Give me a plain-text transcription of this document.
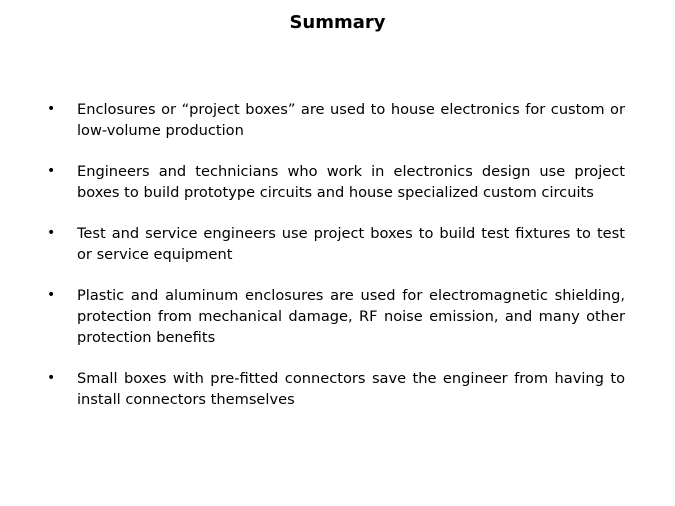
Summary
•	Enclosures or “project boxes” are used to house electronics for custom or low-volume production
•	Engineers and technicians who work in electronics design use project boxes to build prototype circuits and house specialized custom circuits
•	Test and service engineers use project boxes to build test fixtures to test or service equipment
•	Plastic and aluminum enclosures are used for electromagnetic shielding, protection from mechanical damage, RF noise emission, and many other protection benefits
•	Small boxes with pre-fitted connectors save the engineer from having to install connectors themselves
